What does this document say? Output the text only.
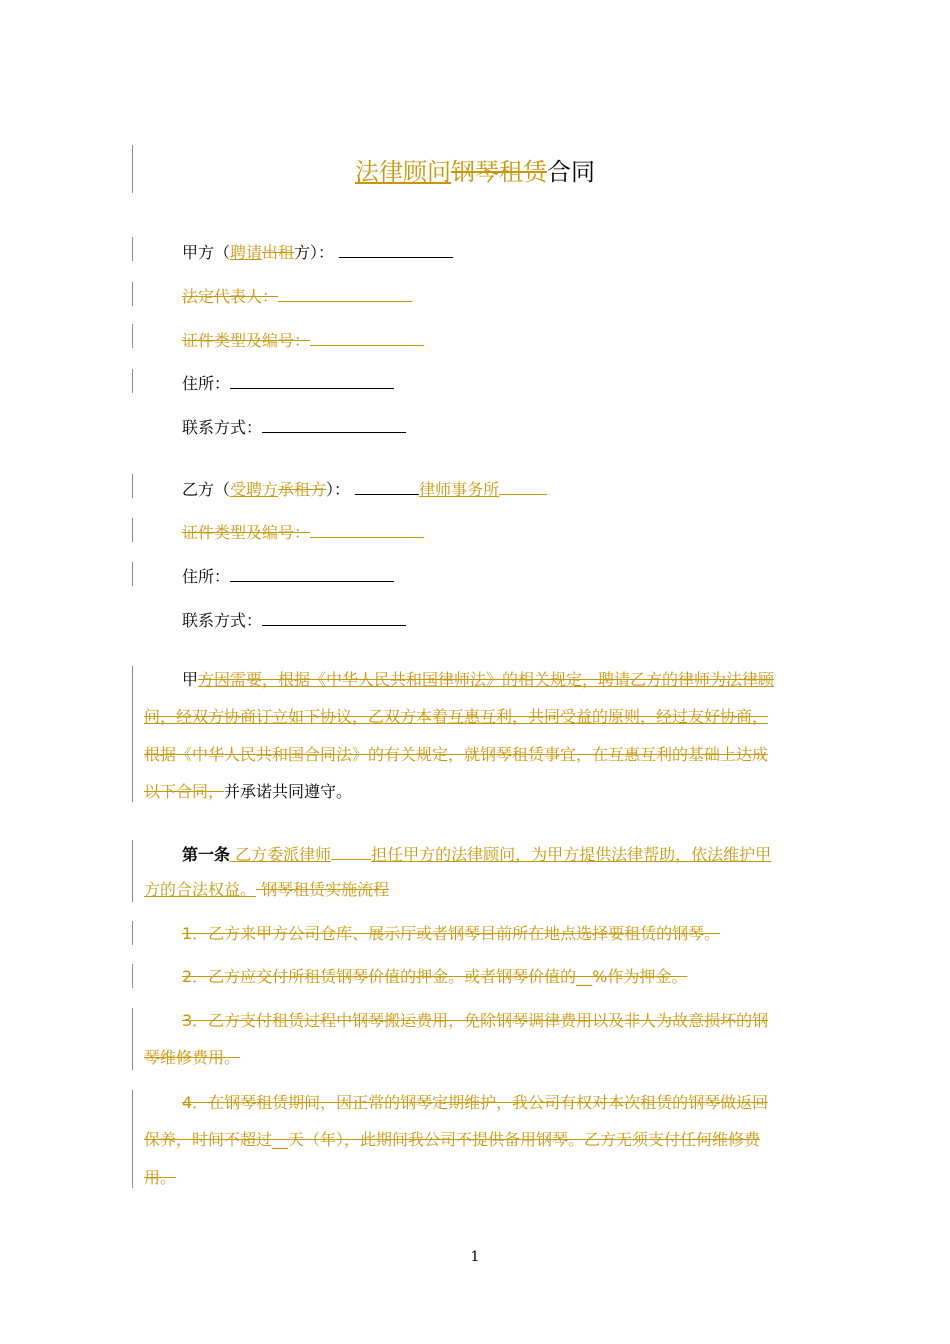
法律顾问钢琴租赁合同
甲方（聘请出租方）：
法定代表人：
证件类型及编号：
住所：
联系方式：
乙方（受聘方承租方）：	律师事务所
证件类型及编号：
住所：
联系方式：
甲方因需要，根据《中华人民共和国律师法》的相关规定，聘请乙方的律师为法律顾
问，经双方协商订立如下协议，乙双方本着互惠互利，共同受益的原则，经过友好协商，
根据《中华人民共和国合同法》的有关规定，就钢琴租赁事宜，在互惠互利的基础上达成
以下合同，并承诺共同遵守。
第一条 乙方委派律师	担任甲方的法律顾问，为甲方提供法律帮助，依法维护甲
方的合法权益。 钢琴租赁实施流程
1．乙方来甲方公司仓库、展示厅或者钢琴目前所在地点选择要租赁的钢琴。
2．乙方应交付所租赁钢琴价值的押金。或者钢琴价值的__%作为押金。
3．乙方支付租赁过程中钢琴搬运费用，免除钢琴调律费用以及非人为故意损坏的钢
琴维修费用。
4．在钢琴租赁期间，因正常的钢琴定期维护，我公司有权对本次租赁的钢琴做返回
保养，时间不超过__天（年），此期间我公司不提供备用钢琴。乙方无须支付任何维修费
用。
1
